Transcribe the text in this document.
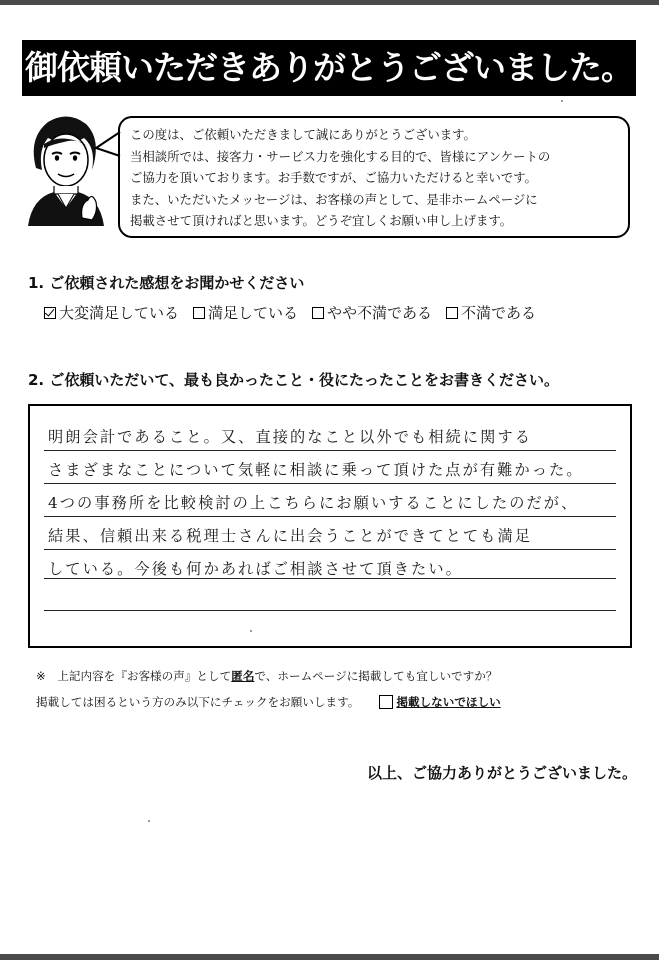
御依頼いただきありがとうございました。
この度は、ご依頼いただきまして誠にありがとうございます。
当相談所では、接客力・サービス力を強化する目的で、皆様にアンケートの
ご協力を頂いております。お手数ですが、ご協力いただけると幸いです。
また、いただいたメッセージは、お客様の声として、是非ホームページに
掲載させて頂ければと思います。どうぞ宜しくお願い申し上げます。
1. ご依頼された感想をお聞かせください
大変満足している 満足している やや不満である 不満である
2. ご依頼いただいて、最も良かったこと・役にたったことをお書きください。
明朗会計であること。又、直接的なこと以外でも相続に関する
さまざまなことについて気軽に相談に乗って頂けた点が有難かった。
4つの事務所を比較検討の上こちらにお願いすることにしたのだが、
結果、信頼出来る税理士さんに出会うことができてとても満足
している。今後も何かあればご相談させて頂きたい。
※　上記内容を『お客様の声』として匿名で、ホームページに掲載しても宜しいですか？
掲載しては困るという方のみ以下にチェックをお願いします。	掲載しないでほしい
以上、ご協力ありがとうございました。
